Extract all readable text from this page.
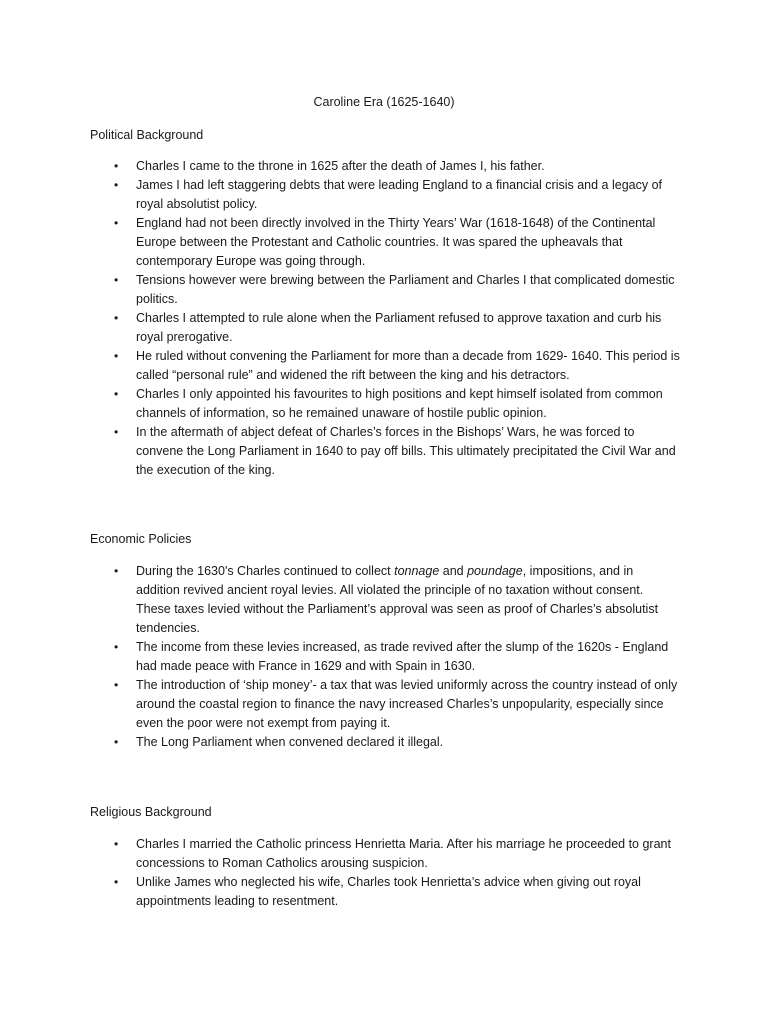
Caroline Era (1625-1640)
Political Background
• Charles I came to the throne in 1625 after the death of James I, his father.
• James I had left staggering debts that were leading England to a financial crisis and a legacy of royal absolutist policy.
• England had not been directly involved in the Thirty Years’ War (1618-1648) of the Continental Europe between the Protestant and Catholic countries. It was spared the upheavals that contemporary Europe was going through.
• Tensions however were brewing between the Parliament and Charles I that complicated domestic politics.
• Charles I attempted to rule alone when the Parliament refused to approve taxation and curb his royal prerogative.
• He ruled without convening the Parliament for more than a decade from 1629- 1640. This period is called “personal rule” and widened the rift between the king and his detractors.
• Charles I only appointed his favourites to high positions and kept himself isolated from common channels of information, so he remained unaware of hostile public opinion.
• In the aftermath of abject defeat of Charles’s forces in the Bishops’ Wars, he was forced to convene the Long Parliament in 1640 to pay off bills. This ultimately precipitated the Civil War and the execution of the king.
Economic Policies
• During the 1630's Charles continued to collect tonnage and poundage, impositions, and in addition revived ancient royal levies. All violated the principle of no taxation without consent. These taxes levied without the Parliament’s approval was seen as proof of Charles’s absolutist tendencies.
• The income from these levies increased, as trade revived after the slump of the 1620s - England had made peace with France in 1629 and with Spain in 1630.
• The introduction of ‘ship money’- a tax that was levied uniformly across the country instead of only around the coastal region to finance the navy increased Charles’s unpopularity, especially since even the poor were not exempt from paying it.
• The Long Parliament when convened declared it illegal.
Religious Background
• Charles I married the Catholic princess Henrietta Maria. After his marriage he proceeded to grant concessions to Roman Catholics arousing suspicion.
• Unlike James who neglected his wife, Charles took Henrietta’s advice when giving out royal appointments leading to resentment.
